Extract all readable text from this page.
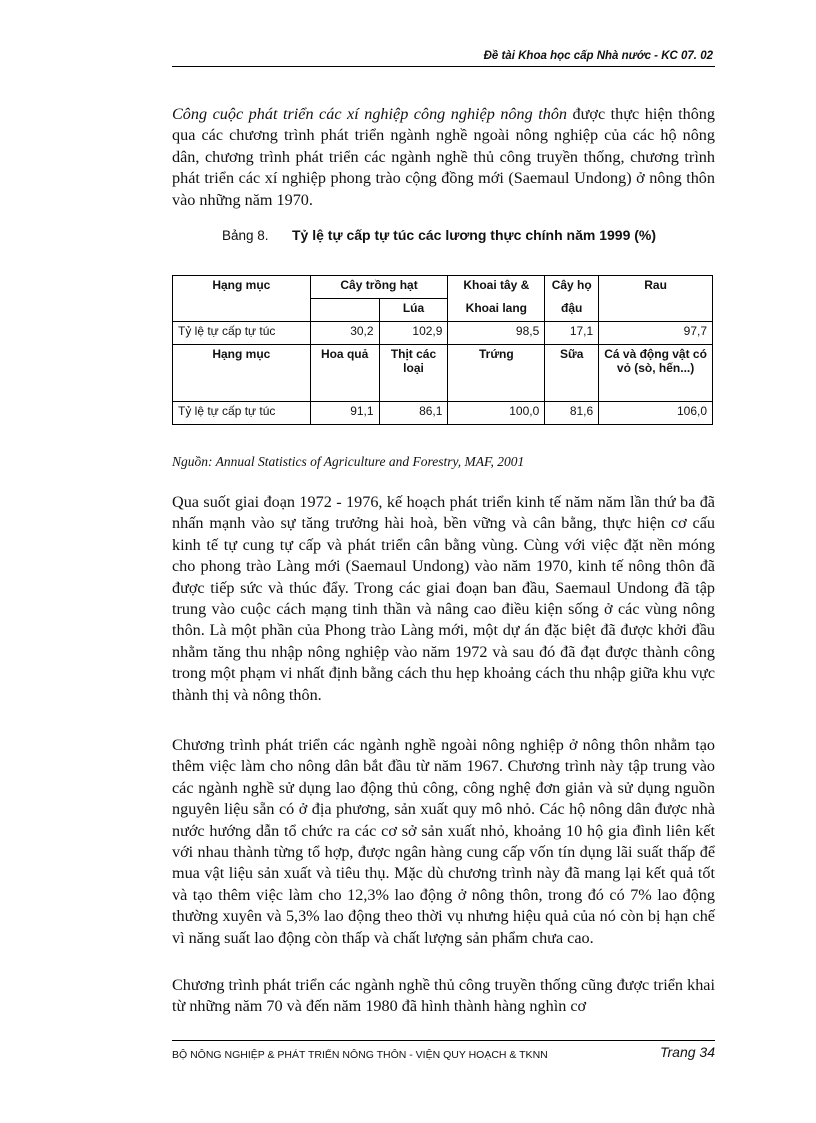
Đề tài Khoa học cấp Nhà nước - KC 07. 02

Công cuộc phát triển các xí nghiệp công nghiệp nông thôn được thực hiện thông qua các chương trình phát triển ngành nghề ngoài nông nghiệp của các hộ nông dân, chương trình phát triển các ngành nghề thủ công truyền thống, chương trình phát triển các xí nghiệp phong trào cộng đồng mới (Saemaul Undong) ở nông thôn vào những năm 1970.

Bảng 8. Tỷ lệ tự cấp tự túc các lương thực chính năm 1999 (%)
Hạng mục	Cây trồng hạt		Khoai tây &	Cây họ	Rau
		Lúa	Khoai lang	đậu	
Tỷ lệ tự cấp tự túc	30,2	102,9	98,5	17,1	97,7
Hạng mục	Hoa quả	Thịt các loại	Trứng	Sữa	Cá và động vật có vỏ (sò, hến...)
Tỷ lệ tự cấp tự túc	91,1	86,1	100,0	81,6	106,0
Nguồn: Annual Statistics of Agriculture and Forestry, MAF, 2001

Qua suốt giai đoạn 1972 - 1976, kế hoạch phát triển kinh tế năm năm lần thứ ba đã nhấn mạnh vào sự tăng trưởng hài hoà, bền vững và cân bằng, thực hiện cơ cấu kinh tế tự cung tự cấp và phát triển cân bằng vùng. Cùng với việc đặt nền móng cho phong trào Làng mới (Saemaul Undong) vào năm 1970, kinh tế nông thôn đã được tiếp sức và thúc đẩy. Trong các giai đoạn ban đầu, Saemaul Undong đã tập trung vào cuộc cách mạng tinh thần và nâng cao điều kiện sống ở các vùng nông thôn. Là một phần của Phong trào Làng mới, một dự án đặc biệt đã được khởi đầu nhằm tăng thu nhập nông nghiệp vào năm 1972 và sau đó đã đạt được thành công trong một phạm vi nhất định bằng cách thu hẹp khoảng cách thu nhập giữa khu vực thành thị và nông thôn.

Chương trình phát triển các ngành nghề ngoài nông nghiệp ở nông thôn nhằm tạo thêm việc làm cho nông dân bắt đầu từ năm 1967. Chương trình này tập trung vào các ngành nghề sử dụng lao động thủ công, công nghệ đơn giản và sử dụng nguồn nguyên liệu sẵn có ở địa phương, sản xuất quy mô nhỏ. Các hộ nông dân được nhà nước hướng dẫn tổ chức ra các cơ sở sản xuất nhỏ, khoảng 10 hộ gia đình liên kết với nhau thành từng tổ hợp, được ngân hàng cung cấp vốn tín dụng lãi suất thấp để mua vật liệu sản xuất và tiêu thụ. Mặc dù chương trình này đã mang lại kết quả tốt và tạo thêm việc làm cho 12,3% lao động ở nông thôn, trong đó có 7% lao động thường xuyên và 5,3% lao động theo thời vụ nhưng hiệu quả của nó còn bị hạn chế vì năng suất lao động còn thấp và chất lượng sản phẩm chưa cao.

Chương trình phát triển các ngành nghề thủ công truyền thống cũng được triển khai từ những năm 70 và đến năm 1980 đã hình thành hàng nghìn cơ

BỘ NÔNG NGHIỆP & PHÁT TRIỂN NÔNG THÔN - VIỆN QUY HOẠCH & TKNN	Trang 34
